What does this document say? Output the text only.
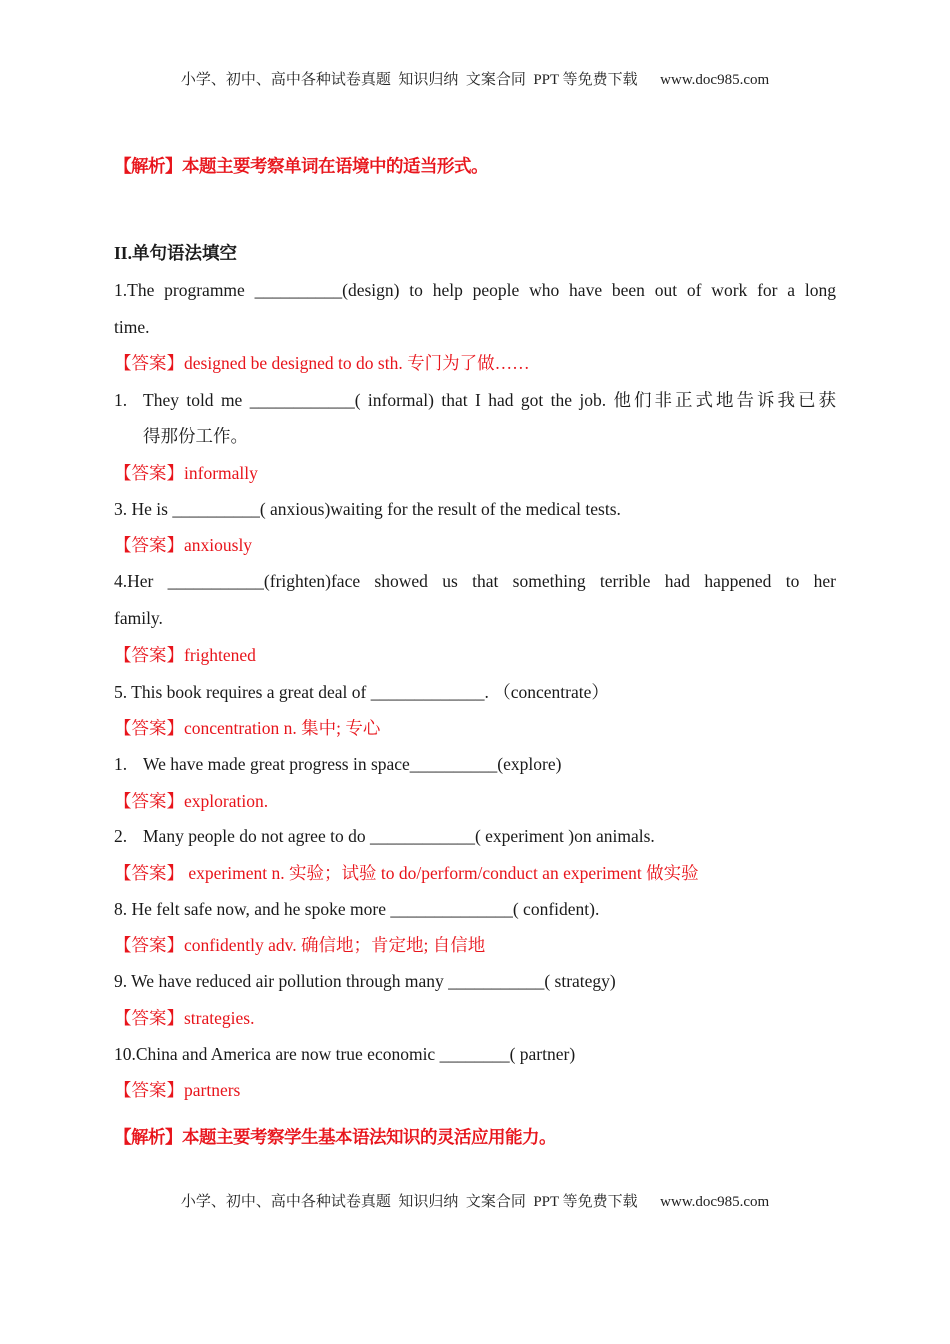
小学、初中、高中各种试卷真题  知识归纳  文案合同  PPT 等免费下载      www.doc985.com
【解析】本题主要考察单词在语境中的适当形式。
II.单句语法填空
1.The programme __________(design) to help people who have been out of work for a long
time.
【答案】designed be designed to do sth. 专门为了做……
1. They told me ____________( informal) that I had got the job. 他们非正式地告诉我已获
得那份工作。
【答案】informally
3. He is __________( anxious)waiting for the result of the medical tests.
【答案】anxiously
4.Her ___________(frighten)face showed us that something terrible had happened to her
family.
【答案】frightened
5. This book requires a great deal of _____________. （concentrate）
【答案】concentration n. 集中; 专心
1. We have made great progress in space__________(explore)
【答案】exploration.
2. Many people do not agree to do ____________( experiment )on animals.
【答案】 experiment n. 实验；试验 to do/perform/conduct an experiment 做实验
8. He felt safe now, and he spoke more ______________( confident).
【答案】confidently adv. 确信地；肯定地; 自信地
9. We have reduced air pollution through many ___________( strategy)
【答案】strategies.
10.China and America are now true economic ________( partner)
【答案】partners
【解析】本题主要考察学生基本语法知识的灵活应用能力。
小学、初中、高中各种试卷真题  知识归纳  文案合同  PPT 等免费下载      www.doc985.com
